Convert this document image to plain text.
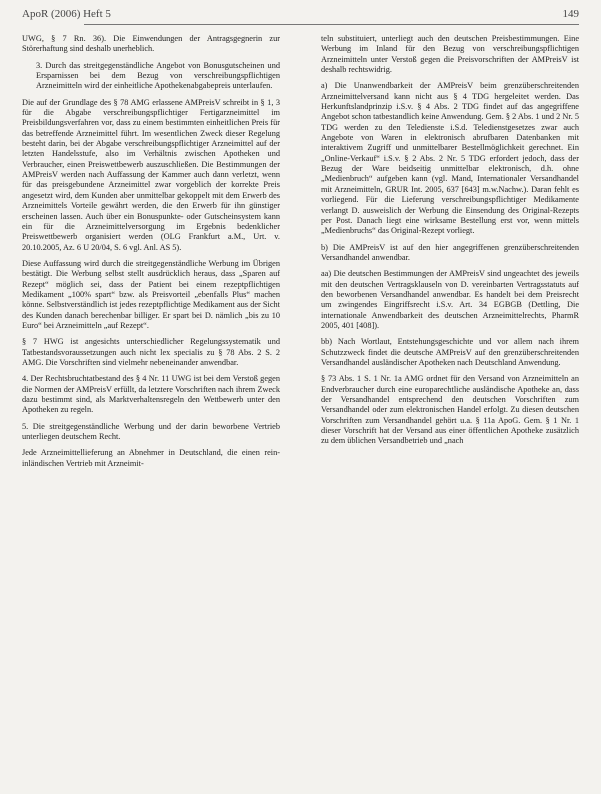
ApoR (2006) Heft 5	149

UWG, § 7 Rn. 36). Die Einwendungen der Antragsgegnerin zur Störerhaftung sind deshalb unerheblich.

3. Durch das streitgegenständliche Angebot von Bonusgutscheinen und Ersparnissen bei dem Bezug von verschreibungspflichtigen Arzneimitteln wird der einheitliche Apothekenabgabepreis unterlaufen.

Die auf der Grundlage des § 78 AMG erlassene AMPreisV schreibt in § 1, 3 für die Abgabe verschreibungspflichtiger Fertigarzneimittel im Preisbildungsverfahren vor, dass zu einem bestimmten einheitlichen Preis für das betreffende Arzneimittel führt. Im wesentlichen Zweck dieser Regelung besteht darin, bei der Abgabe verschreibungspflichtiger Arzneimittel auf der letzten Handelsstufe, also im Verhältnis zwischen Apotheken und Verbraucher, einen Preiswettbewerb auszuschließen. Die Bestimmungen der AMPreisV werden nach Auffassung der Kammer auch dann verletzt, wenn für das preisgebundene Arzneimittel zwar vorgeblich der korrekte Preis angesetzt wird, dem Kunden aber unmittelbar gekoppelt mit dem Erwerb des Arzneimittels Vorteile gewährt werden, die den Erwerb für ihn günstiger erscheinen lassen. Auch über ein Bonuspunkte- oder Gutscheinsystem kann ein für die Arzneimittelversorgung im Ergebnis bedenklicher Preiswettbewerb organisiert werden (OLG Frankfurt a.M., Urt. v. 20.10.2005, Az. 6 U 20/04, S. 6 vgl. Anl. AS 5).

Diese Auffassung wird durch die streitgegenständliche Werbung im Übrigen bestätigt. Die Werbung selbst stellt ausdrücklich heraus, dass „Sparen auf Rezept“ möglich sei, dass der Patient bei einem rezeptpflichtigen Medikament „100% spart“ bzw. als Preisvorteil „ebenfalls Plus“ machen könne. Selbstverständlich ist jedes rezeptpflichtige Medikament aus der Sicht des Kunden danach berechenbar billiger. Er spart bei D. nämlich „bis zu 10 Euro“ bei Arzneimitteln „auf Rezept“.

§ 7 HWG ist angesichts unterschiedlicher Regelungssystematik und Tatbestandsvoraussetzungen auch nicht lex specialis zu § 78 Abs. 2 S. 2 AMG. Die Vorschriften sind vielmehr nebeneinander anwendbar.

4. Der Rechtsbruchtatbestand des § 4 Nr. 11 UWG ist bei dem Verstoß gegen die Normen der AMPreisV erfüllt, da letztere Vorschriften nach ihrem Zweck dazu bestimmt sind, als Marktverhaltensregeln den Wettbewerb unter den Apotheken zu regeln.

5. Die streitgegenständliche Werbung und der darin beworbene Vertrieb unterliegen deutschem Recht.

Jede Arzneimittellieferung an Abnehmer in Deutschland, die einen rein-inländischen Vertrieb mit Arzneimit-

teln substituiert, unterliegt auch den deutschen Preisbestimmungen. Eine Werbung im Inland für den Bezug von verschreibungspflichtigen Arzneimitteln unter Verstoß gegen die Preisvorschriften der AMPreisV ist deshalb rechtswidrig.

a) Die Unanwendbarkeit der AMPreisV beim grenzüberschreitenden Arzneimittelversand kann nicht aus § 4 TDG hergeleitet werden. Das Herkunftslandprinzip i.S.v. § 4 Abs. 2 TDG findet auf das angegriffene Angebot schon tatbestandlich keine Anwendung. Gem. § 2 Abs. 1 und 2 Nr. 5 TDG werden zu den Teledienste i.S.d. Teledienstgesetzes zwar auch Angebote von Waren in elektronisch abrufbaren Datenbanken mit interaktivem Zugriff und unmittelbarer Bestellmöglichkeit gerechnet. Ein „Online-Verkauf“ i.S.v. § 2 Abs. 2 Nr. 5 TDG erfordert jedoch, dass der Bezug der Ware beidseitig unmittelbar elektronisch, d.h. ohne „Medienbruch“ aufgeben kann (vgl. Mand, Internationaler Versandhandel mit Arzneimitteln, GRUR Int. 2005, 637 [643] m.w.Nachw.). Daran fehlt es vorliegend. Für die Lieferung verschreibungspflichtiger Medikamente verlangt D. ausweislich der Werbung die Einsendung des Original-Rezepts per Post. Danach liegt eine wirksame Bestellung erst vor, wenn mittels „Medienbruchs“ das Original-Rezept vorliegt.

b) Die AMPreisV ist auf den hier angegriffenen grenzüberschreitenden Versandhandel anwendbar.

aa) Die deutschen Bestimmungen der AMPreisV sind ungeachtet des jeweils mit den deutschen Vertragsklauseln von D. vereinbarten Vertragsstatuts auf den beworbenen Versandhandel anwendbar. Es handelt bei dem Preisrecht um zwingendes Eingriffsrecht i.S.v. Art. 34 EGBGB (Dettling, Die internationale Anwendbarkeit des deutschen Arzneimittelrechts, PharmR 2005, 401 [408]).

bb) Nach Wortlaut, Entstehungsgeschichte und vor allem nach ihrem Schutzzweck findet die deutsche AMPreisV auf den grenzüberschreitenden Versandhandel ausländischer Apotheken nach Deutschland Anwendung.

§ 73 Abs. 1 S. 1 Nr. 1a AMG ordnet für den Versand von Arzneimitteln an Endverbraucher durch eine europarechtliche ausländische Apotheke an, dass der Versandhandel entsprechend den deutschen Vorschriften zum Versandhandel oder zum elektronischen Handel erfolgt. Zu diesen deutschen Vorschriften zum Versandhandel gehört u.a. § 11a ApoG. Gem. § 1 Nr. 1 dieser Vorschrift hat der Versand aus einer öffentlichen Apotheke zusätzlich zu dem üblichen Versandbetrieb und „nach
